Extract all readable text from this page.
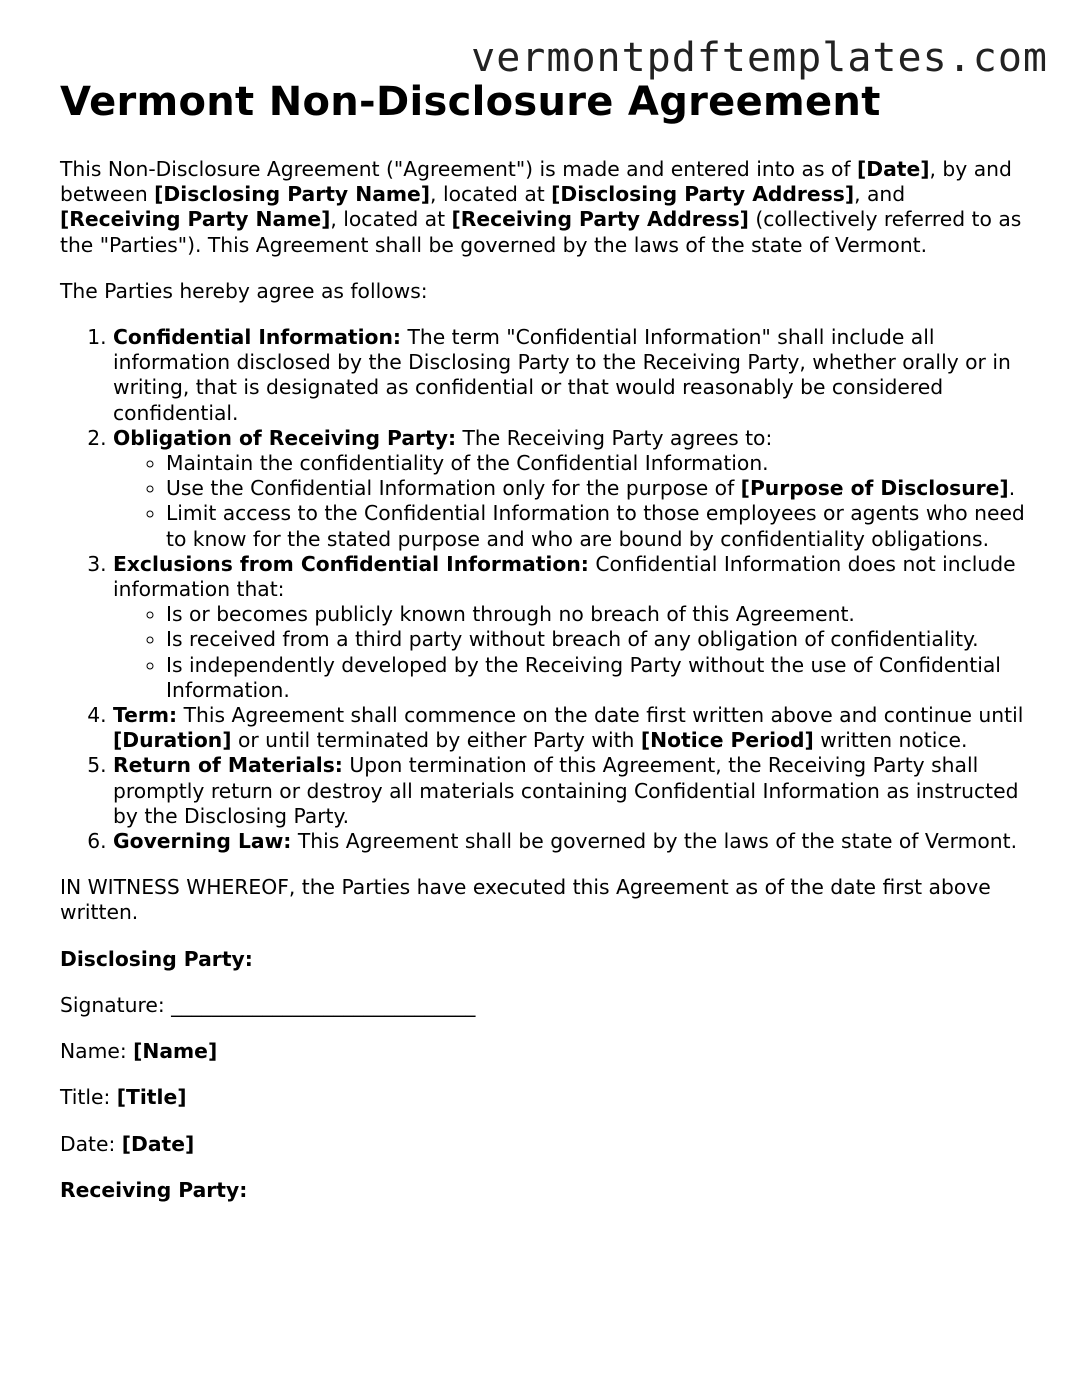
vermontpdftemplates.com
Vermont Non-Disclosure Agreement

This Non-Disclosure Agreement ("Agreement") is made and entered into as of [Date], by and between [Disclosing Party Name], located at [Disclosing Party Address], and [Receiving Party Name], located at [Receiving Party Address] (collectively referred to as the "Parties"). This Agreement shall be governed by the laws of the state of Vermont.

The Parties hereby agree as follows:

1. Confidential Information: The term "Confidential Information" shall include all information disclosed by the Disclosing Party to the Receiving Party, whether orally or in writing, that is designated as confidential or that would reasonably be considered confidential.
2. Obligation of Receiving Party: The Receiving Party agrees to:
◦ Maintain the confidentiality of the Confidential Information.
◦ Use the Confidential Information only for the purpose of [Purpose of Disclosure].
◦ Limit access to the Confidential Information to those employees or agents who need to know for the stated purpose and who are bound by confidentiality obligations.
3. Exclusions from Confidential Information: Confidential Information does not include information that:
◦ Is or becomes publicly known through no breach of this Agreement.
◦ Is received from a third party without breach of any obligation of confidentiality.
◦ Is independently developed by the Receiving Party without the use of Confidential Information.
4. Term: This Agreement shall commence on the date first written above and continue until [Duration] or until terminated by either Party with [Notice Period] written notice.
5. Return of Materials: Upon termination of this Agreement, the Receiving Party shall promptly return or destroy all materials containing Confidential Information as instructed by the Disclosing Party.
6. Governing Law: This Agreement shall be governed by the laws of the state of Vermont.

IN WITNESS WHEREOF, the Parties have executed this Agreement as of the date first above written.

Disclosing Party:

Signature: ______________________________

Name: [Name]

Title: [Title]

Date: [Date]

Receiving Party:
